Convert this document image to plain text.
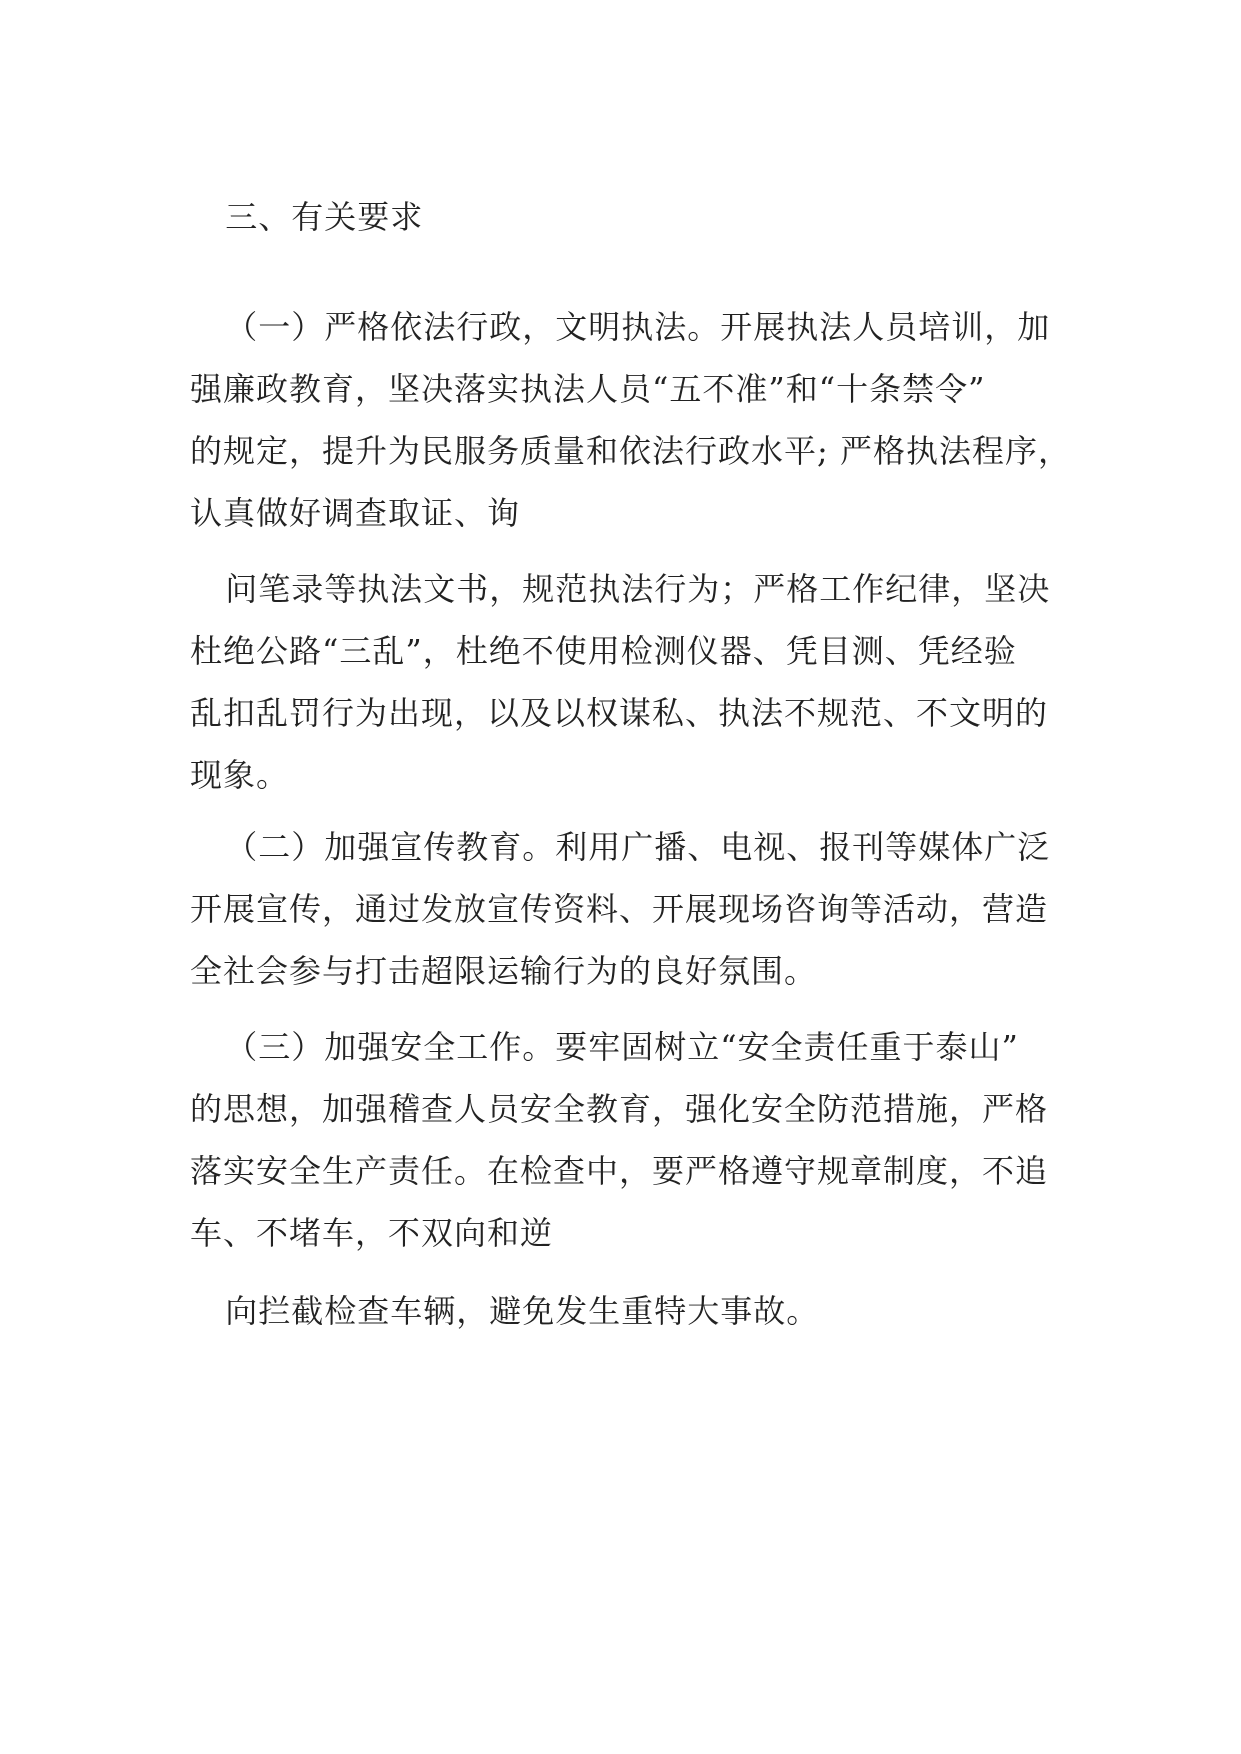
三、有关要求

（一）严格依法行政，文明执法。开展执法人员培训，加
强廉政教育，坚决落实执法人员“五不准”和“十条禁令”
的规定，提升为民服务质量和依法行政水平; 严格执法程序，
认真做好调查取证、询

问笔录等执法文书，规范执法行为；严格工作纪律，坚决
杜绝公路“三乱”，杜绝不使用检测仪器、凭目测、凭经验
乱扣乱罚行为出现，以及以权谋私、执法不规范、不文明的
现象。

（二）加强宣传教育。利用广播、电视、报刊等媒体广泛
开展宣传，通过发放宣传资料、开展现场咨询等活动，营造
全社会参与打击超限运输行为的良好氛围。

（三）加强安全工作。要牢固树立“安全责任重于泰山”
的思想，加强稽查人员安全教育，强化安全防范措施，严格
落实安全生产责任。在检查中，要严格遵守规章制度，不追
车、不堵车，不双向和逆

向拦截检查车辆，避免发生重特大事故。
